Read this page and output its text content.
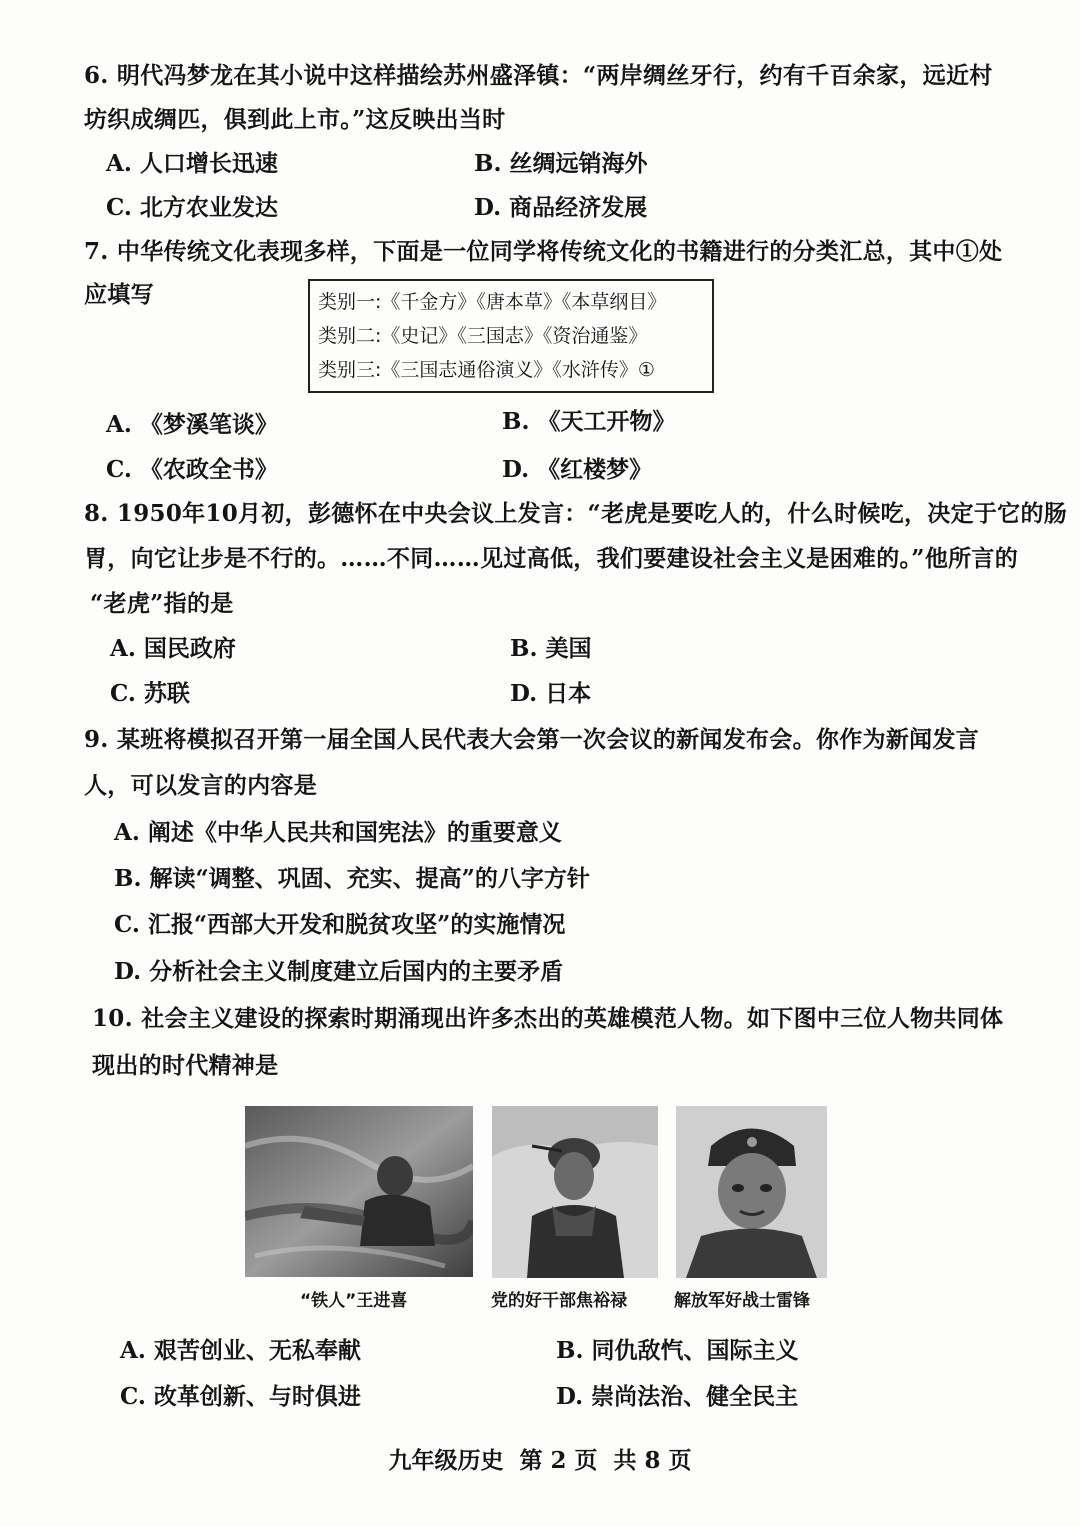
6. 明代冯梦龙在其小说中这样描绘苏州盛泽镇：“两岸绸丝牙行，约有千百余家，远近村
坊织成绸匹，俱到此上市。”这反映出当时
A. 人口增长迅速	B. 丝绸远销海外
C. 北方农业发达	D. 商品经济发展
7. 中华传统文化表现多样，下面是一位同学将传统文化的书籍进行的分类汇总，其中①处
应填写	类别一:《千金方》《唐本草》《本草纲目》
类别二:《史记》《三国志》《资治通鉴》
类别三:《三国志通俗演义》《水浒传》①
A. 《梦溪笔谈》	B. 《天工开物》
C. 《农政全书》	D. 《红楼梦》
8. 1950年10月初，彭德怀在中央会议上发言：“老虎是要吃人的，什么时候吃，决定于它的肠
胃，向它让步是不行的。……不同……见过高低，我们要建设社会主义是困难的。”他所言的
“老虎”指的是
A. 国民政府	B. 美国
C. 苏联	D. 日本
9. 某班将模拟召开第一届全国人民代表大会第一次会议的新闻发布会。你作为新闻发言
人，可以发言的内容是
A. 阐述《中华人民共和国宪法》的重要意义
B. 解读“调整、巩固、充实、提高”的八字方针
C. 汇报“西部大开发和脱贫攻坚”的实施情况
D. 分析社会主义制度建立后国内的主要矛盾
10. 社会主义建设的探索时期涌现出许多杰出的英雄模范人物。如下图中三位人物共同体
现出的时代精神是
“铁人”王进喜	党的好干部焦裕禄	解放军好战士雷锋
A. 艰苦创业、无私奉献	B. 同仇敌忾、国际主义
C. 改革创新、与时俱进	D. 崇尚法治、健全民主
九年级历史 第 2 页 共 8 页
